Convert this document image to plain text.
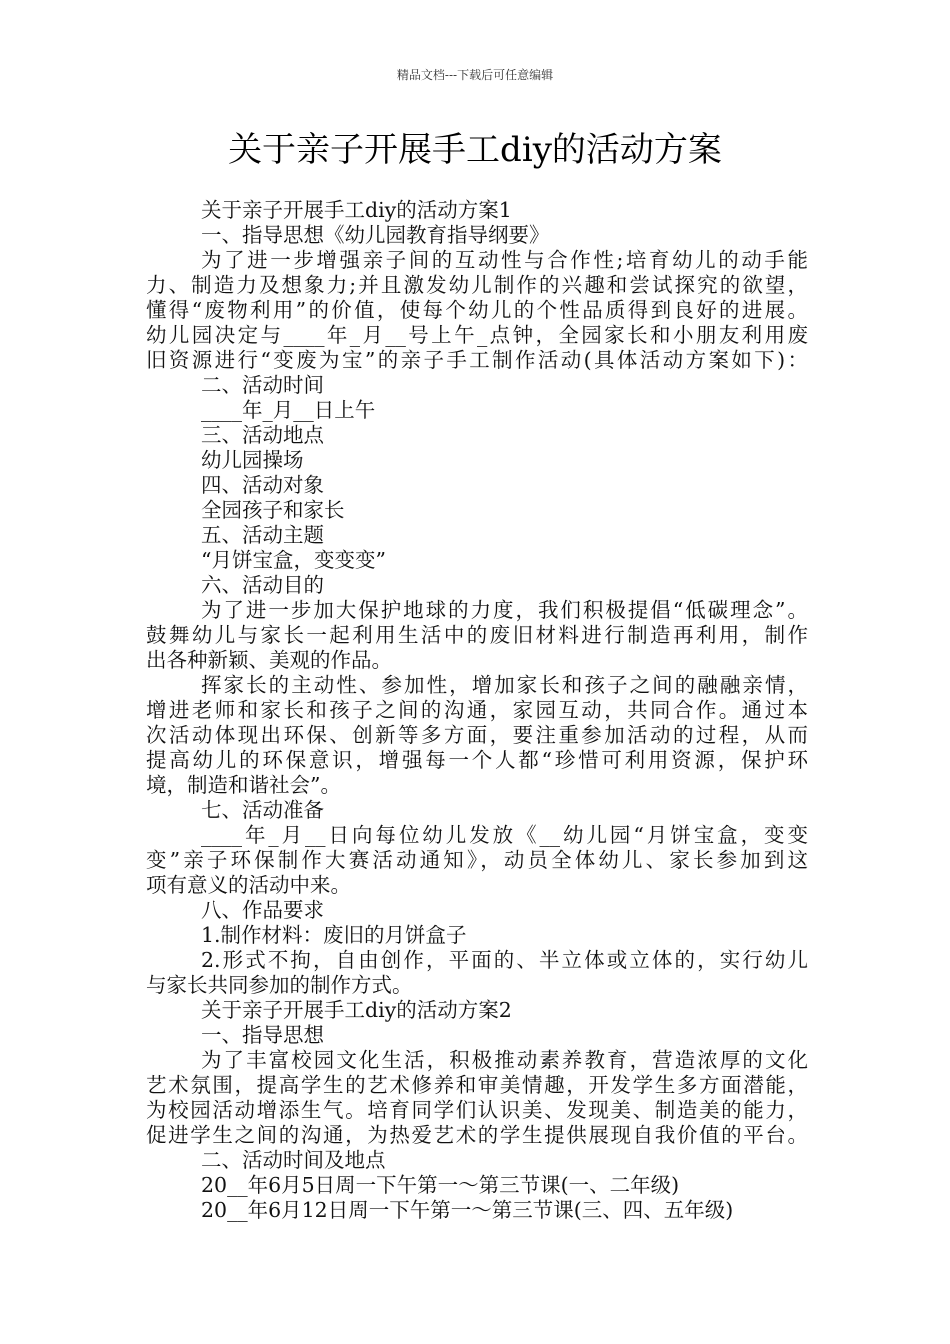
精品文档---下载后可任意编辑
关于亲子开展手工diy的活动方案
关于亲子开展手工diy的活动方案1
一、指导思想《幼儿园教育指导纲要》
为了进一步增强亲子间的互动性与合作性;培育幼儿的动手能
力、制造力及想象力;并且激发幼儿制作的兴趣和尝试探究的欲望，
懂得“废物利用”的价值，使每个幼儿的个性品质得到良好的进展。
幼儿园决定与____年_月__号上午_点钟，全园家长和小朋友利用废
旧资源进行“变废为宝”的亲子手工制作活动(具体活动方案如下)：
二、活动时间
____年_月__日上午
三、活动地点
幼儿园操场
四、活动对象
全园孩子和家长
五、活动主题
“月饼宝盒，变变变”
六、活动目的
为了进一步加大保护地球的力度，我们积极提倡“低碳理念”。
鼓舞幼儿与家长一起利用生活中的废旧材料进行制造再利用，制作
出各种新颖、美观的作品。
挥家长的主动性、参加性，增加家长和孩子之间的融融亲情，
增进老师和家长和孩子之间的沟通，家园互动，共同合作。通过本
次活动体现出环保、创新等多方面，要注重参加活动的过程，从而
提高幼儿的环保意识，增强每一个人都“珍惜可利用资源，保护环
境，制造和谐社会”。
七、活动准备
____年_月__日向每位幼儿发放《__幼儿园“月饼宝盒，变变
变”亲子环保制作大赛活动通知》，动员全体幼儿、家长参加到这
项有意义的活动中来。
八、作品要求
1.制作材料：废旧的月饼盒子
2.形式不拘，自由创作，平面的、半立体或立体的，实行幼儿
与家长共同参加的制作方式。
关于亲子开展手工diy的活动方案2
一、指导思想
为了丰富校园文化生活，积极推动素养教育，营造浓厚的文化
艺术氛围，提高学生的艺术修养和审美情趣，开发学生多方面潜能，
为校园活动增添生气。培育同学们认识美、发现美、制造美的能力，
促进学生之间的沟通，为热爱艺术的学生提供展现自我价值的平台。
二、活动时间及地点
20__年6月5日周一下午第一～第三节课(一、二年级)
20__年6月12日周一下午第一～第三节课(三、四、五年级)
